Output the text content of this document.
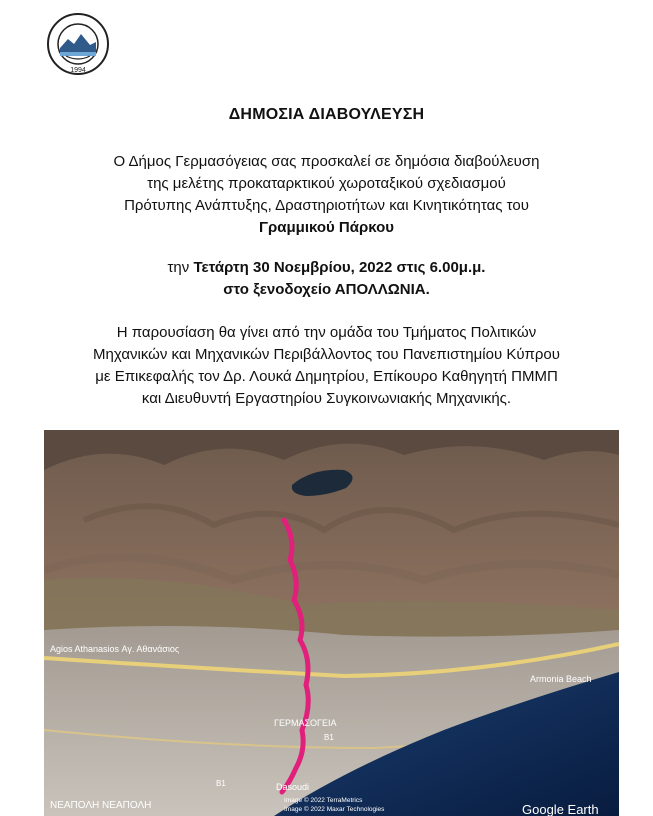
1994
ΔΗΜΟΣΙΑ ΔΙΑΒΟΥΛΕΥΣΗ
Ο Δήμος Γερμασόγειας σας προσκαλεί σε δημόσια διαβούλευση
της μελέτης προκαταρκτικού χωροταξικού σχεδιασμού
Πρότυπης Ανάπτυξης, Δραστηριοτήτων και Κινητικότητας του
Γραμμικού Πάρκου
την Τετάρτη 30 Νοεμβρίου, 2022 στις 6.00μ.μ.
στο ξενοδοχείο ΑΠΟΛΛΩΝΙΑ.
Η παρουσίαση θα γίνει από την ομάδα του Τμήματος Πολιτικών
Μηχανικών και Μηχανικών Περιβάλλοντος του Πανεπιστημίου Κύπρου
με Επικεφαλής τον Δρ. Λουκά Δημητρίου, Επίκουρο Καθηγητή ΠΜΜΠ
και Διευθυντή Εργαστηρίου Συγκοινωνιακής Μηχανικής.
Agios Athanasios Αγ. Αθανάσιος
ΓΕΡΜΑΣΟΓΕΙΑ
Armonia Beach
Dasoudi
ΝΕΑΠΟΛΗ ΝΕΑΠΟΛΗ
B1
B1
Image © 2022 TerraMetrics
Image © 2022 Maxar Technologies	Google Earth
